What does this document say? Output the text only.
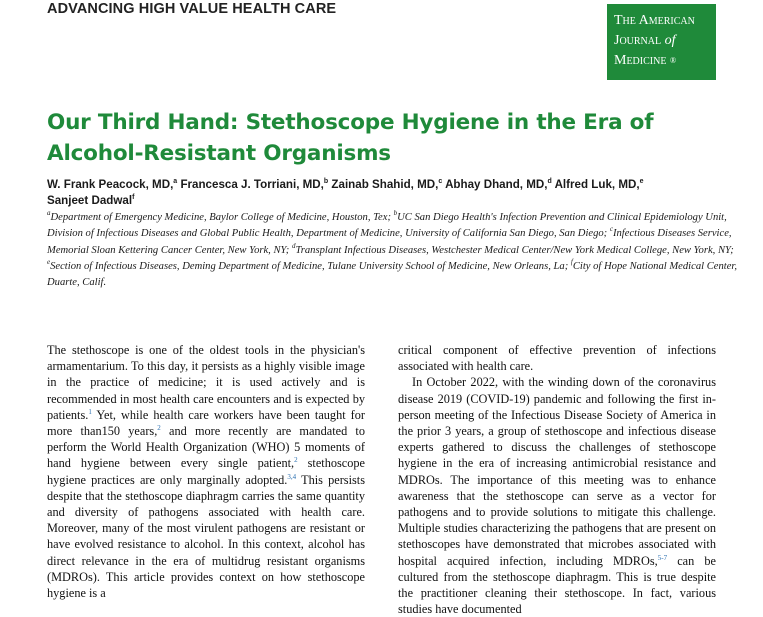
ADVANCING HIGH VALUE HEALTH CARE
The American
Journal of
Medicine ®
Our Third Hand: Stethoscope Hygiene in the Era of Alcohol-Resistant Organisms
W. Frank Peacock, MD,$^a$ Francesca J. Torriani, MD,$^b$ Zainab Shahid, MD,$^c$ Abhay Dhand, MD,$^d$ Alfred Luk, MD,$^e$
Sanjeet Dadwal$^f$
$^a$Department of Emergency Medicine, Baylor College of Medicine, Houston, Tex; $^b$UC San Diego Health's Infection Prevention and Clinical Epidemiology Unit, Division of Infectious Diseases and Global Public Health, Department of Medicine, University of California San Diego, San Diego; $^c$Infectious Diseases Service, Memorial Sloan Kettering Cancer Center, New York, NY; $^d$Transplant Infectious Diseases, Westchester Medical Center/New York Medical College, New York, NY; $^e$Section of Infectious Diseases, Deming Department of Medicine, Tulane University School of Medicine, New Orleans, La; $^f$City of Hope National Medical Center, Duarte, Calif.

The stethoscope is one of the oldest tools in the physician's armamentarium. To this day, it persists as a highly visible image in the practice of medicine; it is used actively and is recommended in most health care encounters and is expected by patients.$^1$ Yet, while health care workers have been taught for more than150 years,$^2$ and more recently are mandated to perform the World Health Organization (WHO) 5 moments of hand hygiene between every single patient,$^2$ stethoscope hygiene practices are only marginally adopted.$^{3,4}$ This persists despite that the stethoscope diaphragm carries the same quantity and diversity of pathogens associated with health care. Moreover, many of the most virulent pathogens are resistant or have evolved resistance to alcohol. In this context, alcohol has direct relevance in the era of multidrug resistant organisms (MDROs). This article provides context on how stethoscope hygiene is a

critical component of effective prevention of infections associated with health care.

In October 2022, with the winding down of the coronavirus disease 2019 (COVID-19) pandemic and following the first in-person meeting of the Infectious Disease Society of America in the prior 3 years, a group of stethoscope and infectious disease experts gathered to discuss the challenges of stethoscope hygiene in the era of increasing antimicrobial resistance and MDROs. The importance of this meeting was to enhance awareness that the stethoscope can serve as a vector for pathogens and to provide solutions to mitigate this challenge. Multiple studies characterizing the pathogens that are present on stethoscopes have demonstrated that microbes associated with hospital acquired infection, including MDROs,$^{5-7}$ can be cultured from the stethoscope diaphragm. This is true despite the practitioner cleaning their stethoscope. In fact, various studies have documented
